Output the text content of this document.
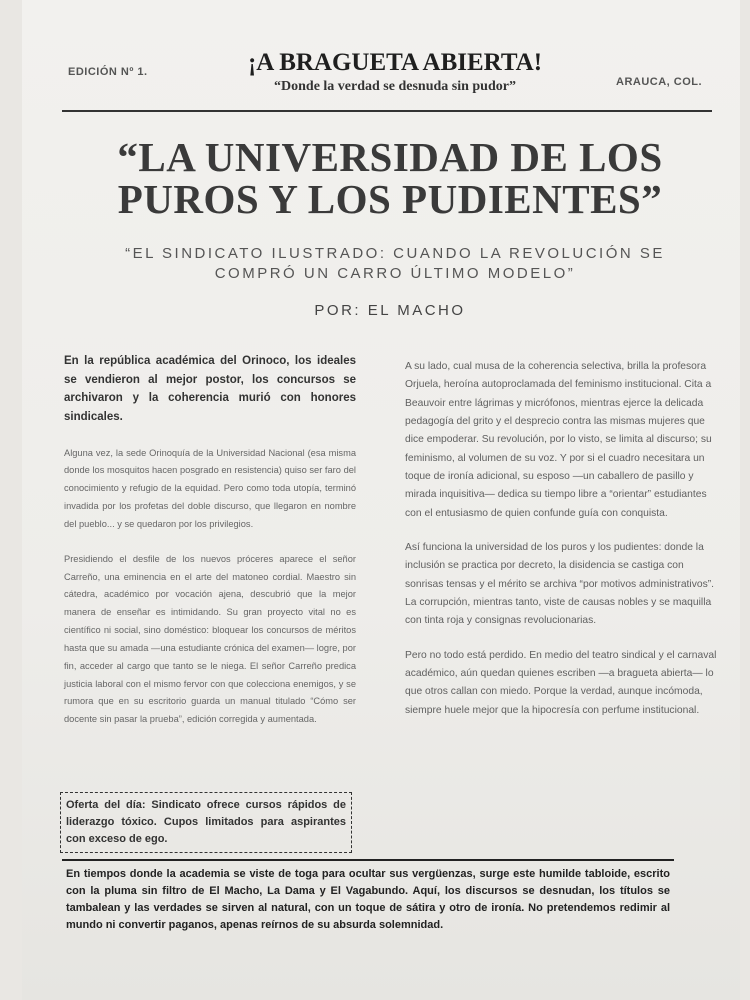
EDICIÓN Nº 1.	¡A BRAGUETA ABIERTA!
“Donde la verdad se desnuda sin pudor”	ARAUCA, COL.
“LA UNIVERSIDAD DE LOS PUROS Y LOS PUDIENTES”
“EL SINDICATO ILUSTRADO: CUANDO LA REVOLUCIÓN SE COMPRÓ UN CARRO ÚLTIMO MODELO”
POR: EL MACHO

En la república académica del Orinoco, los ideales se vendieron al mejor postor, los concursos se archivaron y la coherencia murió con honores sindicales.

Alguna vez, la sede Orinoquía de la Universidad Nacional (esa misma donde los mosquitos hacen posgrado en resistencia) quiso ser faro del conocimiento y refugio de la equidad. Pero como toda utopía, terminó invadida por los profetas del doble discurso, que llegaron en nombre del pueblo... y se quedaron por los privilegios.

Presidiendo el desfile de los nuevos próceres aparece el señor Carreño, una eminencia en el arte del matoneo cordial. Maestro sin cátedra, académico por vocación ajena, descubrió que la mejor manera de enseñar es intimidando. Su gran proyecto vital no es científico ni social, sino doméstico: bloquear los concursos de méritos hasta que su amada —una estudiante crónica del examen— logre, por fin, acceder al cargo que tanto se le niega. El señor Carreño predica justicia laboral con el mismo fervor con que colecciona enemigos, y se rumora que en su escritorio guarda un manual titulado “Cómo ser docente sin pasar la prueba”, edición corregida y aumentada.

A su lado, cual musa de la coherencia selectiva, brilla la profesora Orjuela, heroína autoproclamada del feminismo institucional. Cita a Beauvoir entre lágrimas y micrófonos, mientras ejerce la delicada pedagogía del grito y el desprecio contra las mismas mujeres que dice empoderar. Su revolución, por lo visto, se limita al discurso; su feminismo, al volumen de su voz. Y por si el cuadro necesitara un toque de ironía adicional, su esposo —un caballero de pasillo y mirada inquisitiva— dedica su tiempo libre a “orientar” estudiantes con el entusiasmo de quien confunde guía con conquista.

Así funciona la universidad de los puros y los pudientes: donde la inclusión se practica por decreto, la disidencia se castiga con sonrisas tensas y el mérito se archiva “por motivos administrativos”. La corrupción, mientras tanto, viste de causas nobles y se maquilla con tinta roja y consignas revolucionarias.

Pero no todo está perdido. En medio del teatro sindical y el carnaval académico, aún quedan quienes escriben —a bragueta abierta— lo que otros callan con miedo. Porque la verdad, aunque incómoda, siempre huele mejor que la hipocresía con perfume institucional.

Oferta del día: Sindicato ofrece cursos rápidos de liderazgo tóxico. Cupos limitados para aspirantes con exceso de ego.
En tiempos donde la academia se viste de toga para ocultar sus vergüenzas, surge este humilde tabloide, escrito con la pluma sin filtro de El Macho, La Dama y El Vagabundo. Aquí, los discursos se desnudan, los títulos se tambalean y las verdades se sirven al natural, con un toque de sátira y otro de ironía. No pretendemos redimir al mundo ni convertir paganos, apenas reírnos de su absurda solemnidad.
